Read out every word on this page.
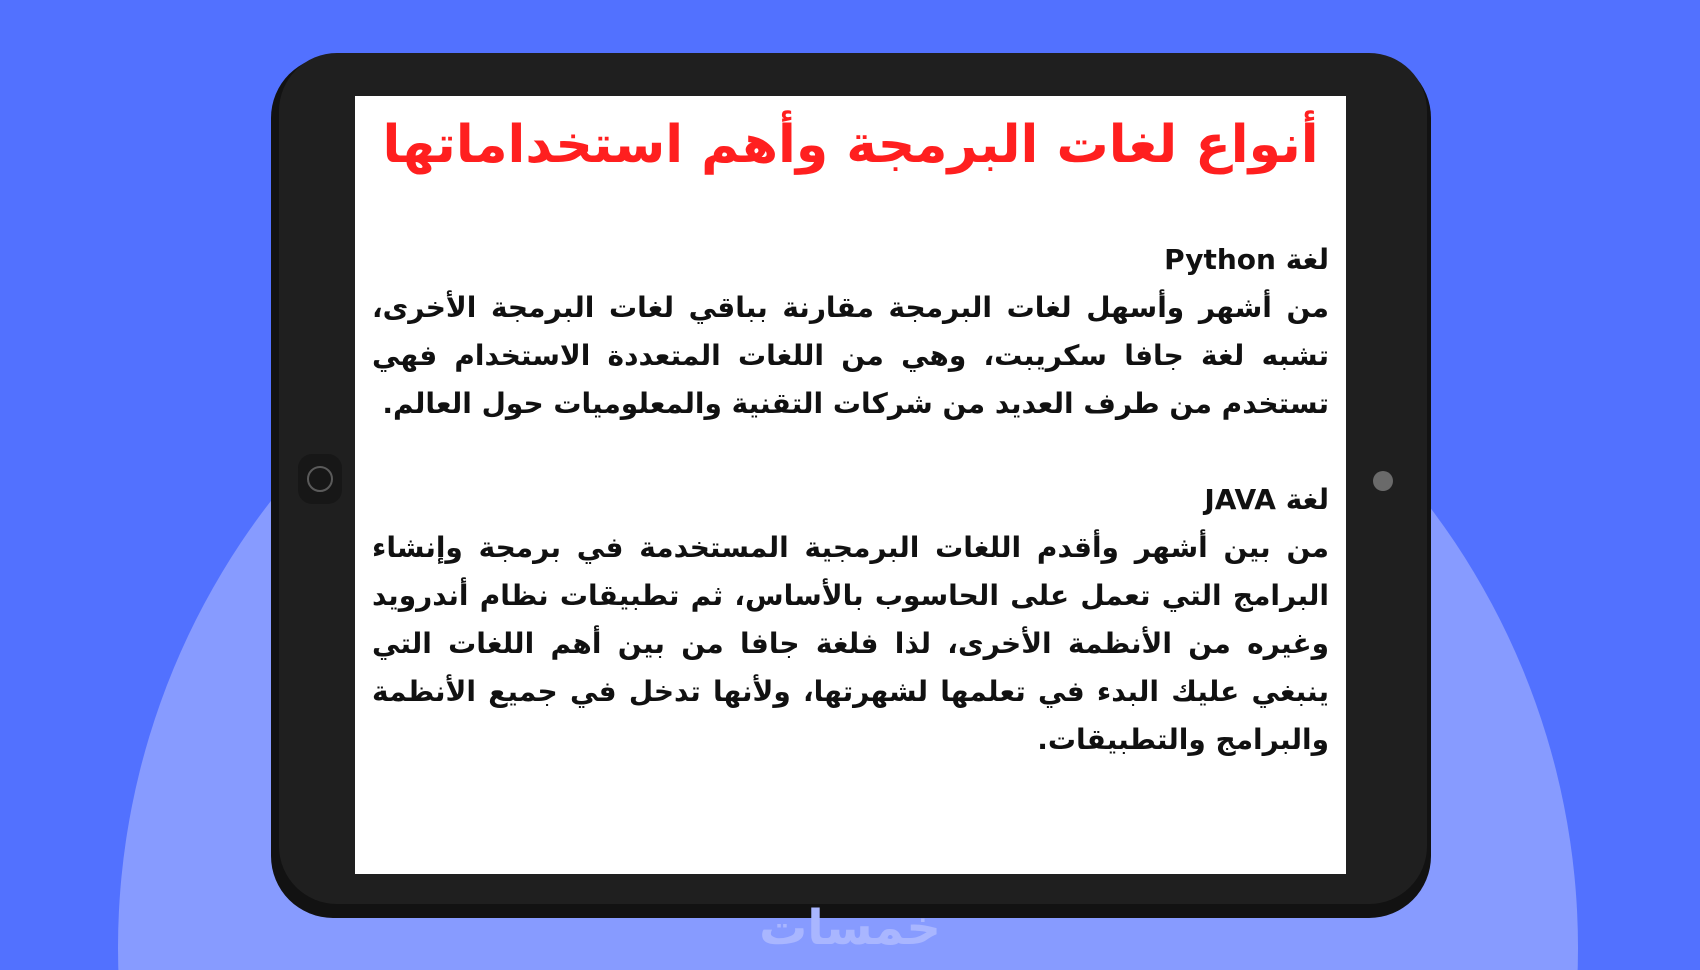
أنواع لغات البرمجة وأهم استخداماتها
لغة Python

من أشهر وأسهل لغات البرمجة مقارنة بباقي لغات البرمجة الأخرى، تشبه لغة جافا سكريبت، وهي من اللغات المتعددة الاستخدام فهي تستخدم من طرف العديد من شركات التقنية والمعلوميات حول العالم.

لغة JAVA

من بين أشهر وأقدم اللغات البرمجية المستخدمة في برمجة وإنشاء البرامج التي تعمل على الحاسوب بالأساس، ثم تطبيقات نظام أندرويد وغيره من الأنظمة الأخرى، لذا فلغة جافا من بين أهم اللغات التي ينبغي عليك البدء في تعلمها لشهرتها، ولأنها تدخل في جميع الأنظمة والبرامج والتطبيقات.

خمسات
